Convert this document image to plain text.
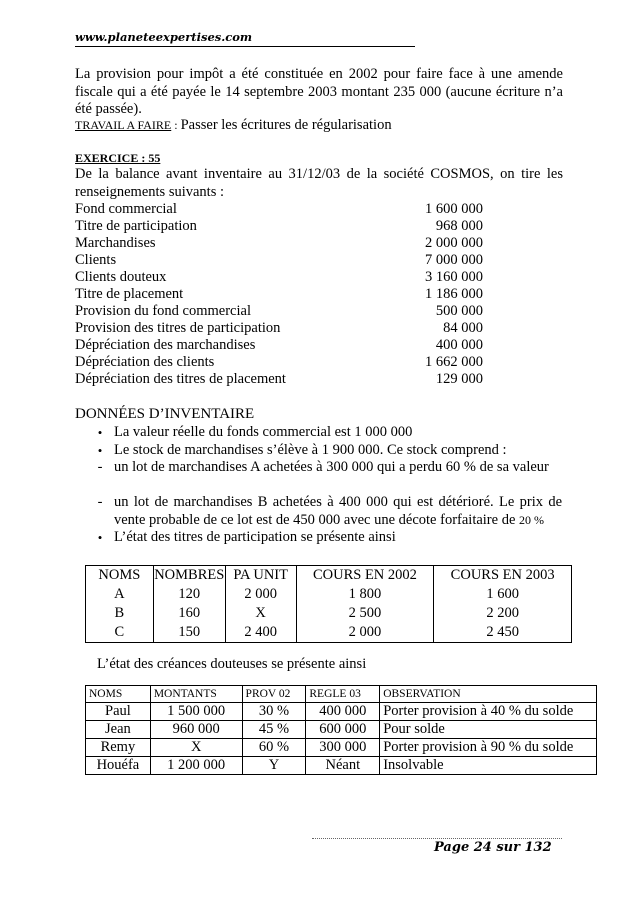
www.planeteexpertises.com
La provision pour impôt a été constituée en 2002 pour faire face à une amende fiscale qui a été payée le 14 septembre 2003 montant 235 000 (aucune écriture n’a été passée).
TRAVAIL A FAIRE : Passer les écritures de régularisation
EXERCICE : 55
De la balance avant inventaire au 31/12/03 de la société COSMOS, on tire les renseignements suivants :
Fond commercial	1 600 000
Titre de participation	968 000
Marchandises	2 000 000
Clients	7 000 000
Clients douteux	3 160 000
Titre de placement	1 186 000
Provision du fond commercial	500 000
Provision des titres de participation	84 000
Dépréciation des marchandises	400 000
Dépréciation des clients	1 662 000
Dépréciation des titres de placement	129 000
DONNÉES D’INVENTAIRE
• La valeur réelle du fonds commercial est 1 000 000
• Le stock de marchandises s’élève à 1 900 000. Ce stock comprend :
- un lot de marchandises A achetées à 300 000 qui a perdu 60 % de sa valeur
- un lot de marchandises B achetées à 400 000 qui est détérioré. Le prix de vente probable de ce lot est de 450 000 avec une décote forfaitaire de 20 %
• L’état des titres de participation se présente ainsi
NOMS	NOMBRES	PA UNIT	COURS EN 2002	COURS EN 2003
A	120	2 000	1 800	1 600
B	160	X	2 500	2 200
C	150	2 400	2 000	2 450
L’état des créances douteuses se présente ainsi
NOMS	MONTANTS	PROV 02	REGLE 03	OBSERVATION
Paul	1 500 000	30 %	400 000	Porter provision à 40 % du solde
Jean	960 000	45 %	600 000	Pour solde
Remy	X	60 %	300 000	Porter provision à 90 % du solde
Houéfa	1 200 000	Y	Néant	Insolvable
Page 24 sur 132
